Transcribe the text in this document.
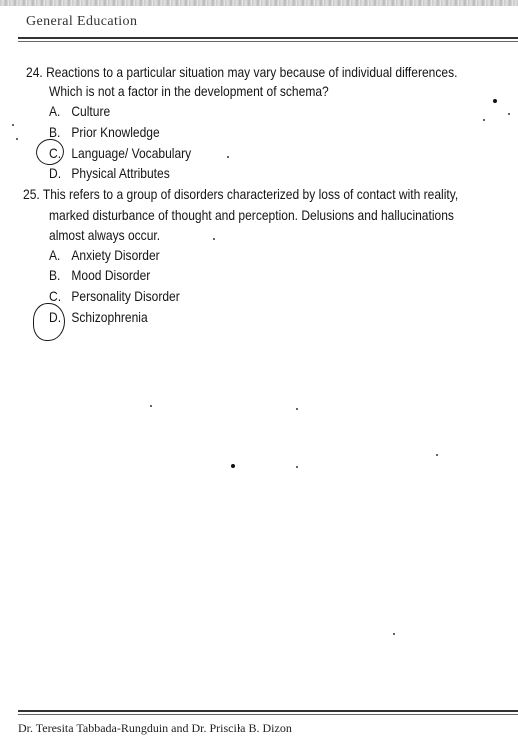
General Education
24. Reactions to a particular situation may vary because of individual differences.
Which is not a factor in the development of schema?
A. Culture
B. Prior Knowledge
C. Language/ Vocabulary
D. Physical Attributes
25. This refers to a group of disorders characterized by loss of contact with reality,
marked disturbance of thought and perception. Delusions and hallucinations
almost always occur.
A. Anxiety Disorder
B. Mood Disorder
C. Personality Disorder
D. Schizophrenia
Dr. Teresita Tabbada-Rungduin and Dr. Priscila B. Dizon
